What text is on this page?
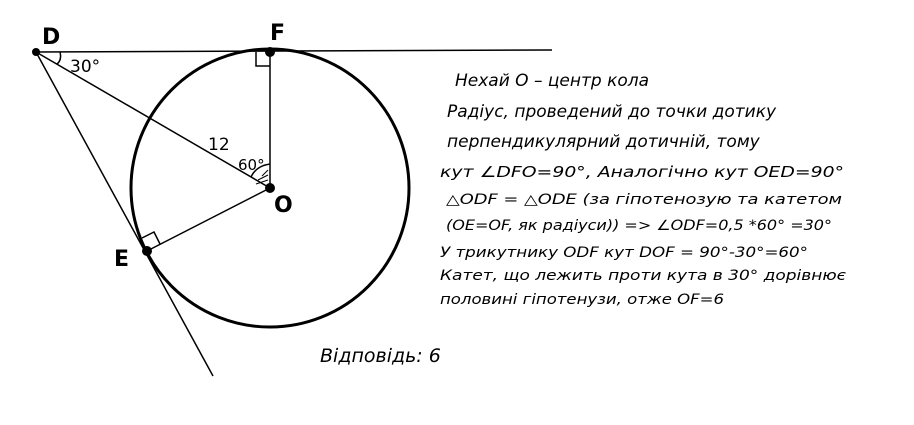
D	F
O
E
30°
12
60°
Нехай О – центр кола
Радіус, проведений до точки дотику
перпендикулярний дотичній, тому
кут ∠DFO=90°, Аналогічно кут OED=90°
△ODF = △ODE (за гіпотенозую та катетом
(OE=OF, як радіуси)) => ∠ODF=0,5 *60° =30°
У трикутнику ODF кут DOF = 90°-30°=60°
Катет, що лежить проти кута в 30° дорівнює
половині гіпотенузи, отже OF=6
Відповідь: 6
